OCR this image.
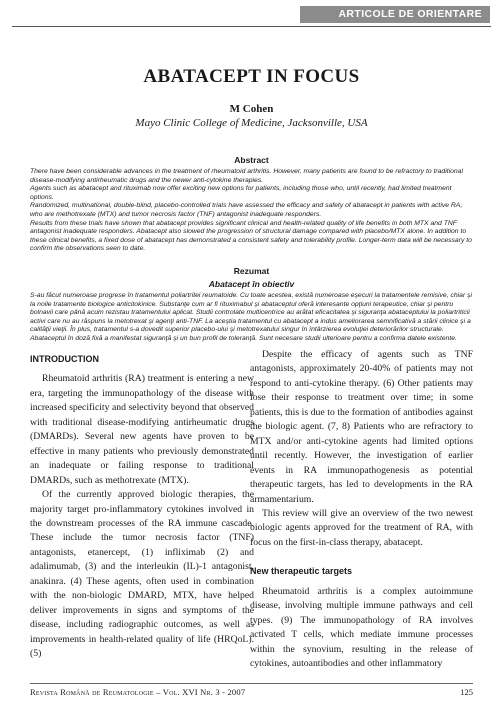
ARTICOLE DE ORIENTARE
ABATACEPT IN FOCUS
M Cohen
Mayo Clinic College of Medicine, Jacksonville, USA
Abstract

There have been considerable advances in the treatment of rheumatoid arthritis. However, many patients are found to be refractory to traditional disease-modifying antirheumatic drugs and the newer anti-cytokine therapies.

Agents such as abatacept and rituximab now offer exciting new options for patients, including those who, until recently, had limited treatment options.

Randomized, multinational, double-blind, placebo-controlled trials have assessed the efficacy and safety of abatacept in patients with active RA, who are methotrexate (MTX) and tumor necrosis factor (TNF) antagonist inadequate responders.

Results from these trials have shown that abatacept provides significant clinical and health-related quality of life benefits in both MTX and TNF antagonist inadequate responders. Abatacept also slowed the progression of structural damage compared with placebo/MTX alone. In addition to these clinical benefits, a fixed dose of abatacept has demonstrated a consistent safety and tolerability profile. Longer-term data will be necessary to confirm the observations seen to date.

Rezumat
Abatacept în obiectiv

S-au făcut numeroase progrese în tratamentul poliartritei reumatoide. Cu toate acestea, există numeroase eşecuri la tratamentele remisive, chiar şi la noile tratamente biologice anticitokinice. Substanţe cum ar fi rituximabul şi abataceptul oferă interesante opţiuni terapeutice, chiar şi pentru bolnavii care până acum rezistau tratamentului aplicat. Studii controlate multicentrice au arătat eficacitatea şi siguranţa abataceptului la poliartriticii activi care nu au răspuns la metotrexat şi agenţi anti-TNF. La aceştia tratamentul cu abatacept a indus ameliorarea semnificativă a stării clinice şi a calităţii vieţii. În plus, tratamentul s-a dovedit superior placebo-ului şi metotrexatului singur în întârzierea evoluţiei deteriorărilor structurale. Abataceptul în doză fixă a manifestat siguranţă şi un bun profil de toleranţă. Sunt necesare studii ulterioare pentru a confirma datele existente.

INTRODUCTION

Rheumatoid arthritis (RA) treatment is entering a new era, targeting the immunopathology of the disease with increased specificity and selectivity beyond that observed with traditional disease-modifying antirheumatic drugs (DMARDs). Several new agents have proven to be effective in many patients who previously demonstrated an inadequate or failing response to traditional DMARDs, such as methotrexate (MTX).

Of the currently approved biologic therapies, the majority target pro-inflammatory cytokines involved in the downstream processes of the RA immune cascade. These include the tumor necrosis factor (TNF) antagonists, etanercept, (1) infliximab (2) and adalimumab, (3) and the interleukin (IL)-1 antagonist, anakinra. (4) These agents, often used in combination with the non-biologic DMARD, MTX, have helped deliver improvements in signs and symptoms of the disease, including radiographic outcomes, as well as improvements in health-related quality of life (HRQoL). (5)

Despite the efficacy of agents such as TNF antagonists, approximately 20-40% of patients may not respond to anti-cytokine therapy. (6) Other patients may lose their response to treatment over time; in some patients, this is due to the formation of antibodies against the biologic agent. (7, 8) Patients who are refractory to MTX and/or anti-cytokine agents had limited options until recently. However, the investigation of earlier events in RA immunopathogenesis as potential therapeutic targets, has led to developments in the RA armamentarium.

This review will give an overview of the two newest biologic agents approved for the treatment of RA, with focus on the first-in-class therapy, abatacept.

New therapeutic targets

Rheumatoid arthritis is a complex autoimmune disease, involving multiple immune pathways and cell types. (9) The immunopathology of RA involves activated T cells, which mediate immune processes within the synovium, resulting in the release of cytokines, autoantibodies and other inflammatory

Revista Română de Reumatologie – Vol. XVI Nr. 3 - 2007	125
